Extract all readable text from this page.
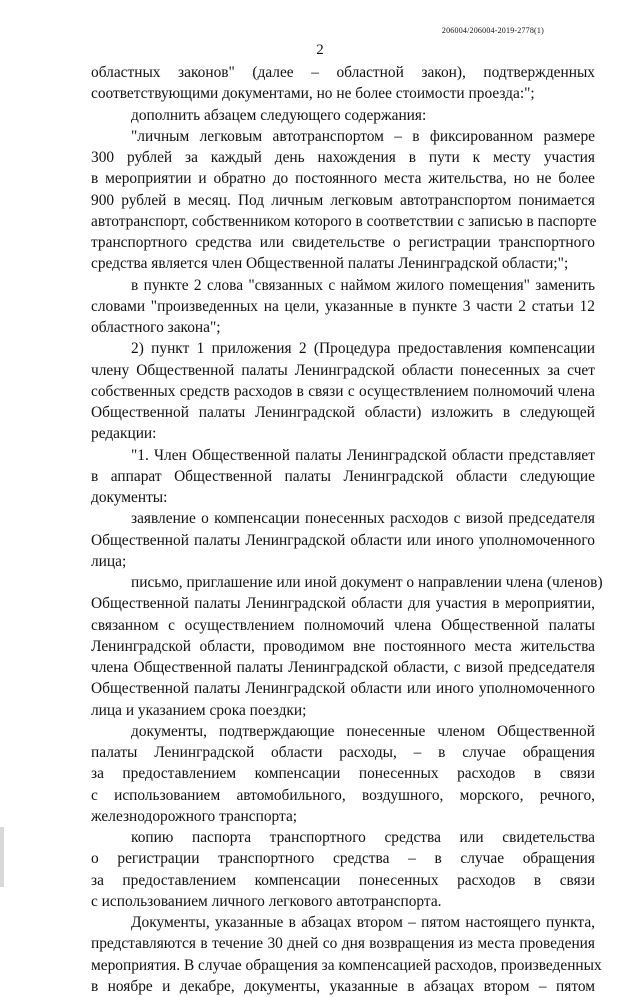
206004/206004-2019-2778(1)
2
областных законов" (далее – областной закон), подтвержденных
соответствующими документами, но не более стоимости проезда:";
дополнить абзацем следующего содержания:
"личным легковым автотранспортом – в фиксированном размере
300 рублей за каждый день нахождения в пути к месту участия
в мероприятии и обратно до постоянного места жительства, но не более
900 рублей в месяц. Под личным легковым автотранспортом понимается
автотранспорт, собственником которого в соответствии с записью в паспорте
транспортного средства или свидетельстве о регистрации транспортного
средства является член Общественной палаты Ленинградской области;";
в пункте 2 слова "связанных с наймом жилого помещения" заменить
словами "произведенных на цели, указанные в пункте 3 части 2 статьи 12
областного закона";
2) пункт 1 приложения 2 (Процедура предоставления компенсации
члену Общественной палаты Ленинградской области понесенных за счет
собственных средств расходов в связи с осуществлением полномочий члена
Общественной палаты Ленинградской области) изложить в следующей
редакции:
"1. Член Общественной палаты Ленинградской области представляет
в аппарат Общественной палаты Ленинградской области следующие
документы:
заявление о компенсации понесенных расходов с визой председателя
Общественной палаты Ленинградской области или иного уполномоченного
лица;
письмо, приглашение или иной документ о направлении члена (членов)
Общественной палаты Ленинградской области для участия в мероприятии,
связанном с осуществлением полномочий члена Общественной палаты
Ленинградской области, проводимом вне постоянного места жительства
члена Общественной палаты Ленинградской области, с визой председателя
Общественной палаты Ленинградской области или иного уполномоченного
лица и указанием срока поездки;
документы, подтверждающие понесенные членом Общественной
палаты Ленинградской области расходы, – в случае обращения
за предоставлением компенсации понесенных расходов в связи
с использованием автомобильного, воздушного, морского, речного,
железнодорожного транспорта;
копию паспорта транспортного средства или свидетельства
о регистрации транспортного средства – в случае обращения
за предоставлением компенсации понесенных расходов в связи
с использованием личного легкового автотранспорта.
Документы, указанные в абзацах втором – пятом настоящего пункта,
представляются в течение 30 дней со дня возвращения из места проведения
мероприятия. В случае обращения за компенсацией расходов, произведенных
в ноябре и декабре, документы, указанные в абзацах втором – пятом
